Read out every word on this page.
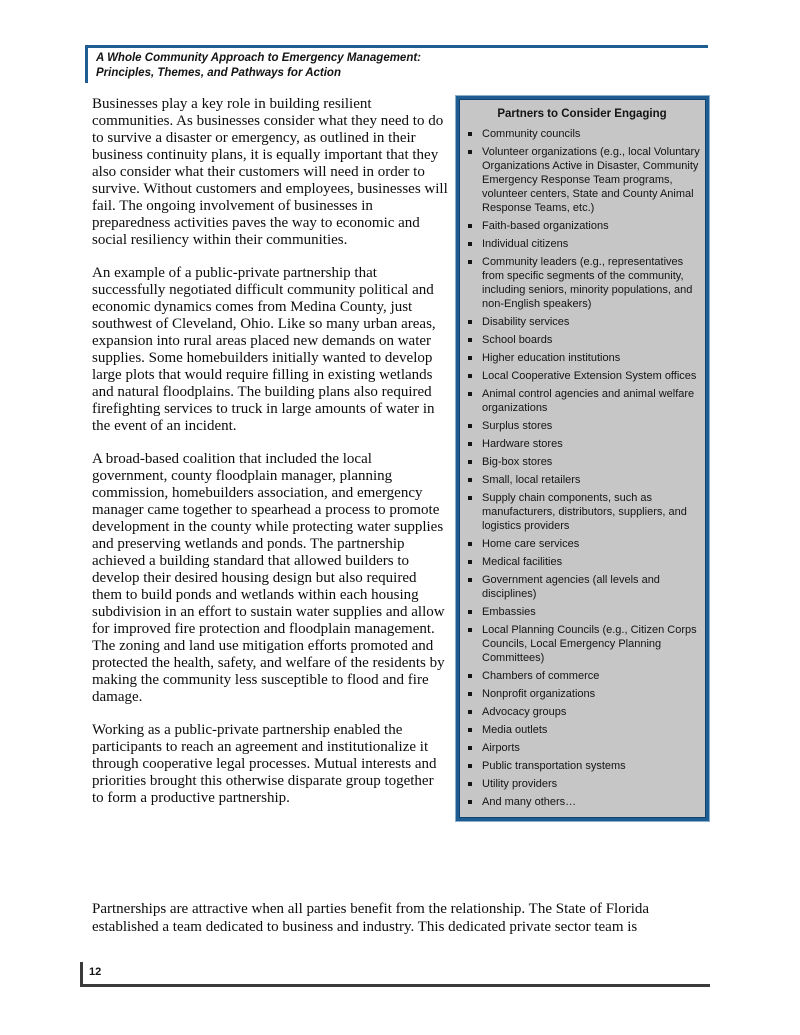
A Whole Community Approach to Emergency Management:
Principles, Themes, and Pathways for Action

Businesses play a key role in building resilient communities. As businesses consider what they need to do to survive a disaster or emergency, as outlined in their business continuity plans, it is equally important that they also consider what their customers will need in order to survive. Without customers and employees, businesses will fail. The ongoing involvement of businesses in preparedness activities paves the way to economic and social resiliency within their communities.

An example of a public-private partnership that successfully negotiated difficult community political and economic dynamics comes from Medina County, just southwest of Cleveland, Ohio. Like so many urban areas, expansion into rural areas placed new demands on water supplies. Some homebuilders initially wanted to develop large plots that would require filling in existing wetlands and natural floodplains. The building plans also required firefighting services to truck in large amounts of water in the event of an incident.

A broad-based coalition that included the local government, county floodplain manager, planning commission, homebuilders association, and emergency manager came together to spearhead a process to promote development in the county while protecting water supplies and preserving wetlands and ponds. The partnership achieved a building standard that allowed builders to develop their desired housing design but also required them to build ponds and wetlands within each housing subdivision in an effort to sustain water supplies and allow for improved fire protection and floodplain management. The zoning and land use mitigation efforts promoted and protected the health, safety, and welfare of the residents by making the community less susceptible to flood and fire damage.

Working as a public-private partnership enabled the participants to reach an agreement and institutionalize it through cooperative legal processes. Mutual interests and priorities brought this otherwise disparate group together to form a productive partnership.

Partners to Consider Engaging
Community councils
Volunteer organizations (e.g., local Voluntary Organizations Active in Disaster, Community Emergency Response Team programs, volunteer centers, State and County Animal Response Teams, etc.)
Faith-based organizations
Individual citizens
Community leaders (e.g., representatives from specific segments of the community, including seniors, minority populations, and non-English speakers)
Disability services
School boards
Higher education institutions
Local Cooperative Extension System offices
Animal control agencies and animal welfare organizations
Surplus stores
Hardware stores
Big-box stores
Small, local retailers
Supply chain components, such as manufacturers, distributors, suppliers, and logistics providers
Home care services
Medical facilities
Government agencies (all levels and disciplines)
Embassies
Local Planning Councils (e.g., Citizen Corps Councils, Local Emergency Planning Committees)
Chambers of commerce
Nonprofit organizations
Advocacy groups
Media outlets
Airports
Public transportation systems
Utility providers
And many others…

Partnerships are attractive when all parties benefit from the relationship. The State of Florida established a team dedicated to business and industry. This dedicated private sector team is

12
